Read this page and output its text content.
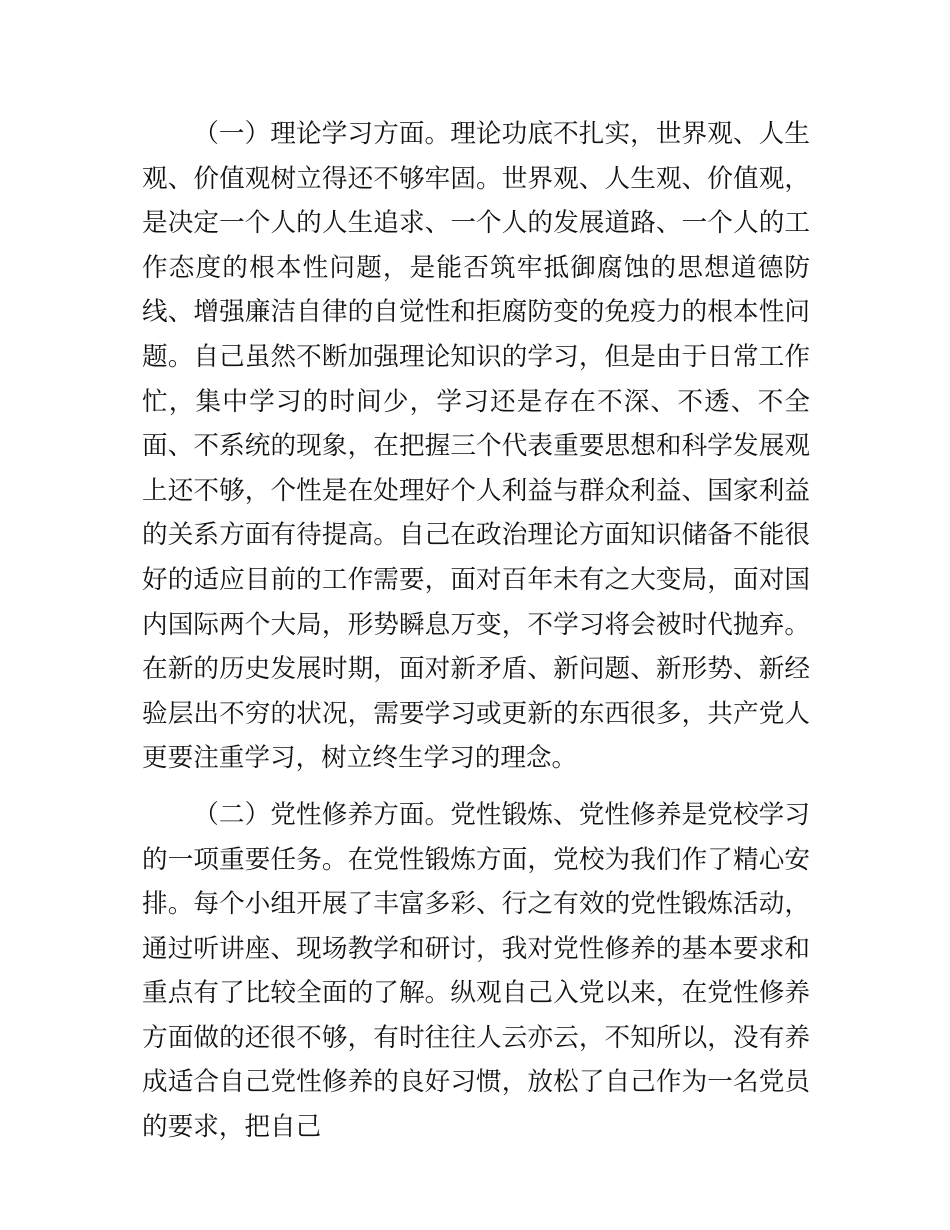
（一）理论学习方面。理论功底不扎实，世界观、人生观、价值观树立得还不够牢固。世界观、人生观、价值观，是决定一个人的人生追求、一个人的发展道路、一个人的工作态度的根本性问题，是能否筑牢抵御腐蚀的思想道德防线、增强廉洁自律的自觉性和拒腐防变的免疫力的根本性问题。自己虽然不断加强理论知识的学习，但是由于日常工作忙，集中学习的时间少，学习还是存在不深、不透、不全面、不系统的现象，在把握三个代表重要思想和科学发展观上还不够，个性是在处理好个人利益与群众利益、国家利益的关系方面有待提高。自己在政治理论方面知识储备不能很好的适应目前的工作需要，面对百年未有之大变局，面对国内国际两个大局，形势瞬息万变，不学习将会被时代抛弃。在新的历史发展时期，面对新矛盾、新问题、新形势、新经验层出不穷的状况，需要学习或更新的东西很多，共产党人更要注重学习，树立终生学习的理念。

（二）党性修养方面。党性锻炼、党性修养是党校学习的一项重要任务。在党性锻炼方面，党校为我们作了精心安排。每个小组开展了丰富多彩、行之有效的党性锻炼活动，通过听讲座、现场教学和研讨，我对党性修养的基本要求和重点有了比较全面的了解。纵观自己入党以来，在党性修养方面做的还很不够，有时往往人云亦云，不知所以，没有养成适合自己党性修养的良好习惯，放松了自己作为一名党员的要求，把自己
